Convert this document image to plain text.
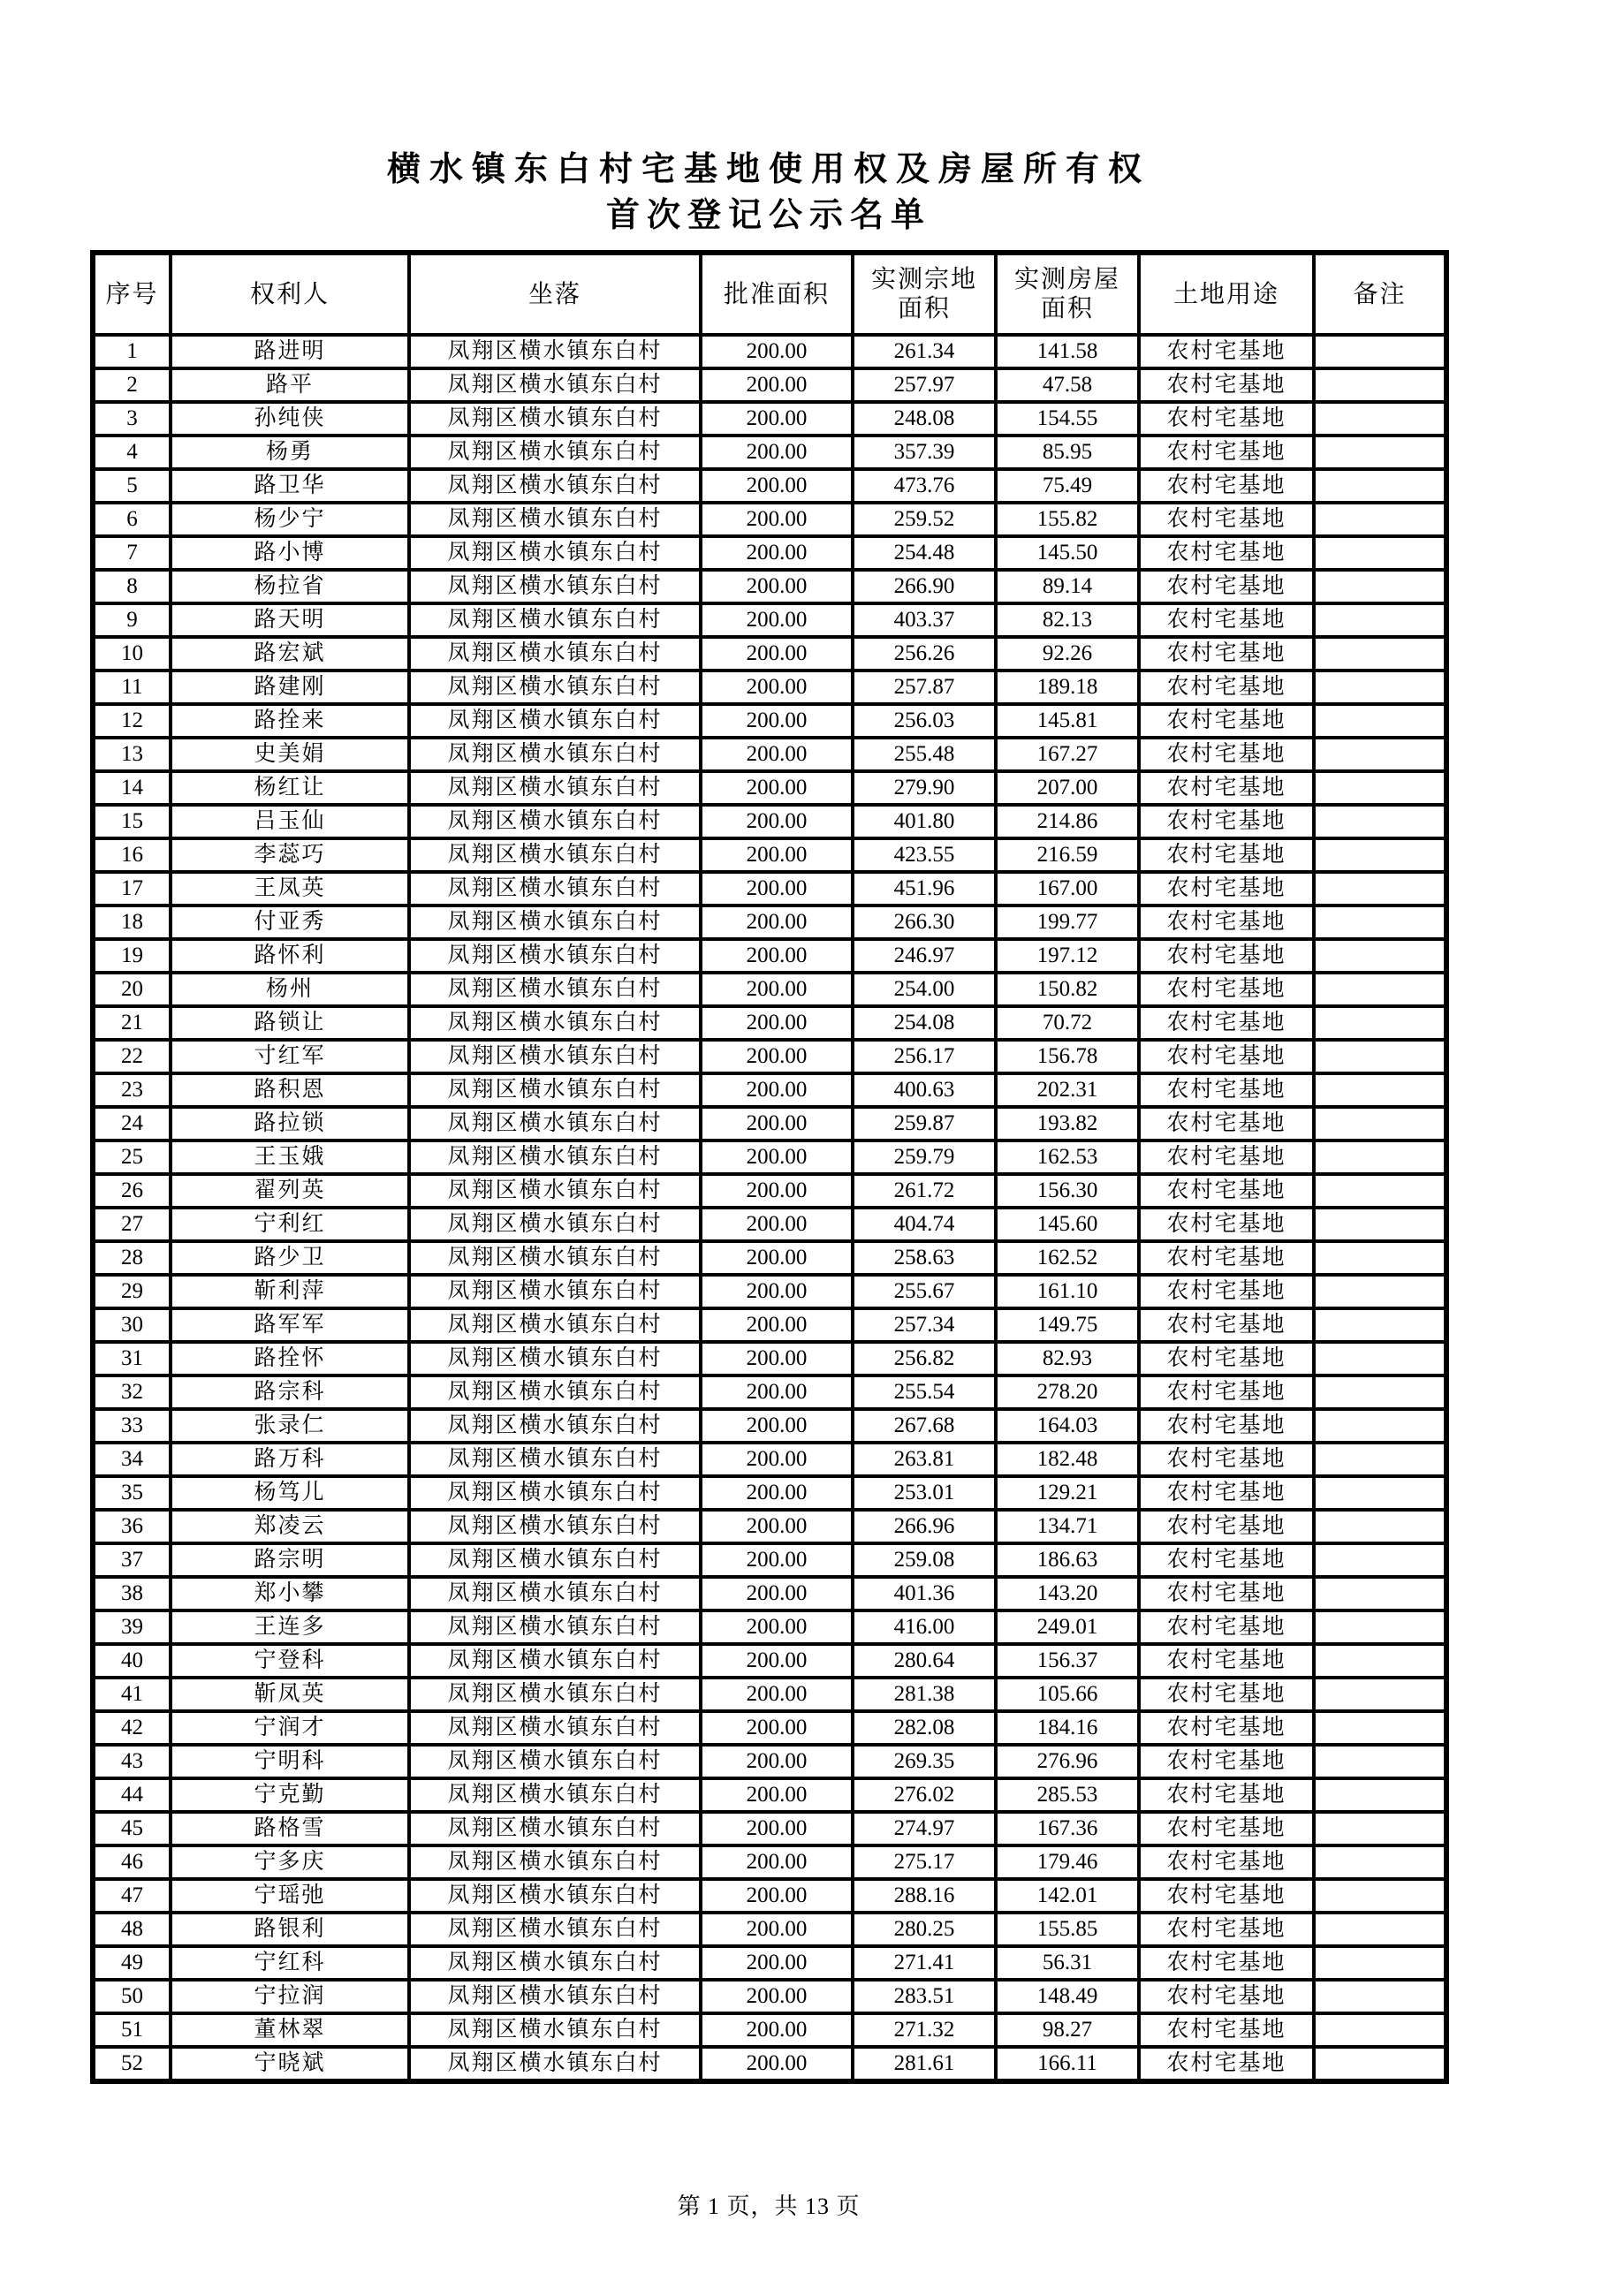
横水镇东白村宅基地使用权及房屋所有权
首次登记公示名单
序号	权利人	坐落	批准面积	实测宗地面积	实测房屋面积	土地用途	备注
1	路进明	凤翔区横水镇东白村	200.00	261.34	141.58	农村宅基地	
2	路平	凤翔区横水镇东白村	200.00	257.97	47.58	农村宅基地	
3	孙纯侠	凤翔区横水镇东白村	200.00	248.08	154.55	农村宅基地	
4	杨勇	凤翔区横水镇东白村	200.00	357.39	85.95	农村宅基地	
5	路卫华	凤翔区横水镇东白村	200.00	473.76	75.49	农村宅基地	
6	杨少宁	凤翔区横水镇东白村	200.00	259.52	155.82	农村宅基地	
7	路小博	凤翔区横水镇东白村	200.00	254.48	145.50	农村宅基地	
8	杨拉省	凤翔区横水镇东白村	200.00	266.90	89.14	农村宅基地	
9	路天明	凤翔区横水镇东白村	200.00	403.37	82.13	农村宅基地	
10	路宏斌	凤翔区横水镇东白村	200.00	256.26	92.26	农村宅基地	
11	路建刚	凤翔区横水镇东白村	200.00	257.87	189.18	农村宅基地	
12	路拴来	凤翔区横水镇东白村	200.00	256.03	145.81	农村宅基地	
13	史美娟	凤翔区横水镇东白村	200.00	255.48	167.27	农村宅基地	
14	杨红让	凤翔区横水镇东白村	200.00	279.90	207.00	农村宅基地	
15	吕玉仙	凤翔区横水镇东白村	200.00	401.80	214.86	农村宅基地	
16	李蕊巧	凤翔区横水镇东白村	200.00	423.55	216.59	农村宅基地	
17	王凤英	凤翔区横水镇东白村	200.00	451.96	167.00	农村宅基地	
18	付亚秀	凤翔区横水镇东白村	200.00	266.30	199.77	农村宅基地	
19	路怀利	凤翔区横水镇东白村	200.00	246.97	197.12	农村宅基地	
20	杨州	凤翔区横水镇东白村	200.00	254.00	150.82	农村宅基地	
21	路锁让	凤翔区横水镇东白村	200.00	254.08	70.72	农村宅基地	
22	寸红军	凤翔区横水镇东白村	200.00	256.17	156.78	农村宅基地	
23	路积恩	凤翔区横水镇东白村	200.00	400.63	202.31	农村宅基地	
24	路拉锁	凤翔区横水镇东白村	200.00	259.87	193.82	农村宅基地	
25	王玉娥	凤翔区横水镇东白村	200.00	259.79	162.53	农村宅基地	
26	翟列英	凤翔区横水镇东白村	200.00	261.72	156.30	农村宅基地	
27	宁利红	凤翔区横水镇东白村	200.00	404.74	145.60	农村宅基地	
28	路少卫	凤翔区横水镇东白村	200.00	258.63	162.52	农村宅基地	
29	靳利萍	凤翔区横水镇东白村	200.00	255.67	161.10	农村宅基地	
30	路军军	凤翔区横水镇东白村	200.00	257.34	149.75	农村宅基地	
31	路拴怀	凤翔区横水镇东白村	200.00	256.82	82.93	农村宅基地	
32	路宗科	凤翔区横水镇东白村	200.00	255.54	278.20	农村宅基地	
33	张录仁	凤翔区横水镇东白村	200.00	267.68	164.03	农村宅基地	
34	路万科	凤翔区横水镇东白村	200.00	263.81	182.48	农村宅基地	
35	杨笃儿	凤翔区横水镇东白村	200.00	253.01	129.21	农村宅基地	
36	郑凌云	凤翔区横水镇东白村	200.00	266.96	134.71	农村宅基地	
37	路宗明	凤翔区横水镇东白村	200.00	259.08	186.63	农村宅基地	
38	郑小攀	凤翔区横水镇东白村	200.00	401.36	143.20	农村宅基地	
39	王连多	凤翔区横水镇东白村	200.00	416.00	249.01	农村宅基地	
40	宁登科	凤翔区横水镇东白村	200.00	280.64	156.37	农村宅基地	
41	靳凤英	凤翔区横水镇东白村	200.00	281.38	105.66	农村宅基地	
42	宁润才	凤翔区横水镇东白村	200.00	282.08	184.16	农村宅基地	
43	宁明科	凤翔区横水镇东白村	200.00	269.35	276.96	农村宅基地	
44	宁克勤	凤翔区横水镇东白村	200.00	276.02	285.53	农村宅基地	
45	路格雪	凤翔区横水镇东白村	200.00	274.97	167.36	农村宅基地	
46	宁多庆	凤翔区横水镇东白村	200.00	275.17	179.46	农村宅基地	
47	宁瑶弛	凤翔区横水镇东白村	200.00	288.16	142.01	农村宅基地	
48	路银利	凤翔区横水镇东白村	200.00	280.25	155.85	农村宅基地	
49	宁红科	凤翔区横水镇东白村	200.00	271.41	56.31	农村宅基地	
50	宁拉润	凤翔区横水镇东白村	200.00	283.51	148.49	农村宅基地	
51	董林翠	凤翔区横水镇东白村	200.00	271.32	98.27	农村宅基地	
52	宁晓斌	凤翔区横水镇东白村	200.00	281.61	166.11	农村宅基地	
第 1 页，共 13 页
